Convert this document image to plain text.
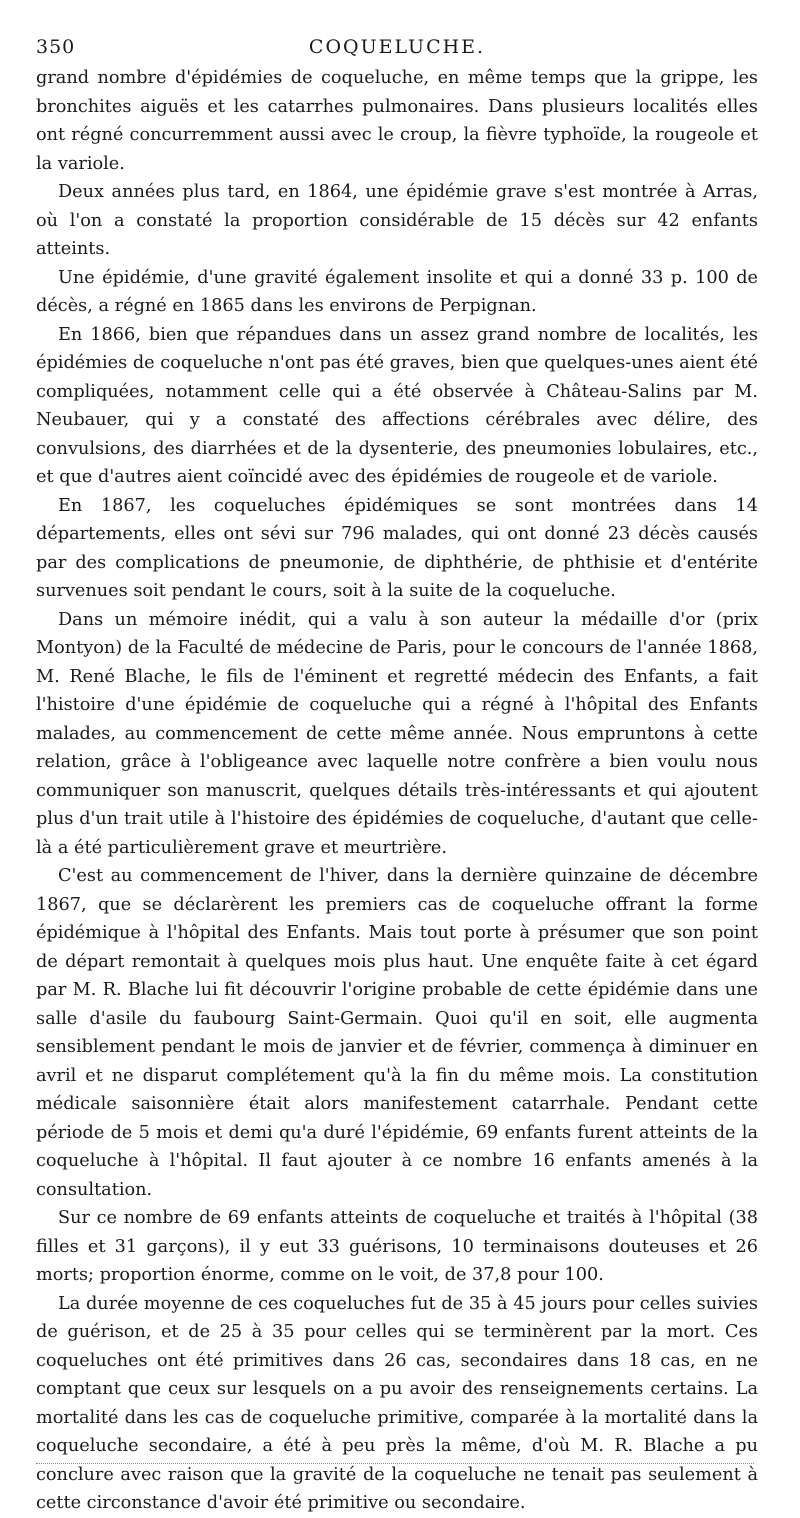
350	COQUELUCHE.

grand nombre d'épidémies de coqueluche, en même temps que la grippe, les bronchites aiguës et les catarrhes pulmonaires. Dans plusieurs localités elles ont régné concurremment aussi avec le croup, la fièvre typhoïde, la rougeole et la variole.

Deux années plus tard, en 1864, une épidémie grave s'est montrée à Arras, où l'on a constaté la proportion considérable de 15 décès sur 42 enfants atteints.

Une épidémie, d'une gravité également insolite et qui a donné 33 p. 100 de décès, a régné en 1865 dans les environs de Perpignan.

En 1866, bien que répandues dans un assez grand nombre de localités, les épidémies de coqueluche n'ont pas été graves, bien que quelques-unes aient été compliquées, notamment celle qui a été observée à Château-Salins par M. Neubauer, qui y a constaté des affections cérébrales avec délire, des convulsions, des diarrhées et de la dysenterie, des pneumonies lobulaires, etc., et que d'autres aient coïncidé avec des épidémies de rougeole et de variole.

En 1867, les coqueluches épidémiques se sont montrées dans 14 départements, elles ont sévi sur 796 malades, qui ont donné 23 décès causés par des complications de pneumonie, de diphthérie, de phthisie et d'entérite survenues soit pendant le cours, soit à la suite de la coqueluche.

Dans un mémoire inédit, qui a valu à son auteur la médaille d'or (prix Montyon) de la Faculté de médecine de Paris, pour le concours de l'année 1868, M. René Blache, le fils de l'éminent et regretté médecin des Enfants, a fait l'histoire d'une épidémie de coqueluche qui a régné à l'hôpital des Enfants malades, au commencement de cette même année. Nous empruntons à cette relation, grâce à l'obligeance avec laquelle notre confrère a bien voulu nous communiquer son manuscrit, quelques détails très-intéressants et qui ajoutent plus d'un trait utile à l'histoire des épidémies de coqueluche, d'autant que celle-là a été particulièrement grave et meurtrière.

C'est au commencement de l'hiver, dans la dernière quinzaine de décembre 1867, que se déclarèrent les premiers cas de coqueluche offrant la forme épidémique à l'hôpital des Enfants. Mais tout porte à présumer que son point de départ remontait à quelques mois plus haut. Une enquête faite à cet égard par M. R. Blache lui fit découvrir l'origine probable de cette épidémie dans une salle d'asile du faubourg Saint-Germain. Quoi qu'il en soit, elle augmenta sensiblement pendant le mois de janvier et de février, commença à diminuer en avril et ne disparut complétement qu'à la fin du même mois. La constitution médicale saisonnière était alors manifestement catarrhale. Pendant cette période de 5 mois et demi qu'a duré l'épidémie, 69 enfants furent atteints de la coqueluche à l'hôpital. Il faut ajouter à ce nombre 16 enfants amenés à la consultation.

Sur ce nombre de 69 enfants atteints de coqueluche et traités à l'hôpital (38 filles et 31 garçons), il y eut 33 guérisons, 10 terminaisons douteuses et 26 morts; proportion énorme, comme on le voit, de 37,8 pour 100.

La durée moyenne de ces coqueluches fut de 35 à 45 jours pour celles suivies de guérison, et de 25 à 35 pour celles qui se terminèrent par la mort. Ces coqueluches ont été primitives dans 26 cas, secondaires dans 18 cas, en ne comptant que ceux sur lesquels on a pu avoir des renseignements certains. La mortalité dans les cas de coqueluche primitive, comparée à la mortalité dans la coqueluche secondaire, a été à peu près la même, d'où M. R. Blache a pu conclure avec raison que la gravité de la coqueluche ne tenait pas seulement à cette circonstance d'avoir été primitive ou secondaire.
